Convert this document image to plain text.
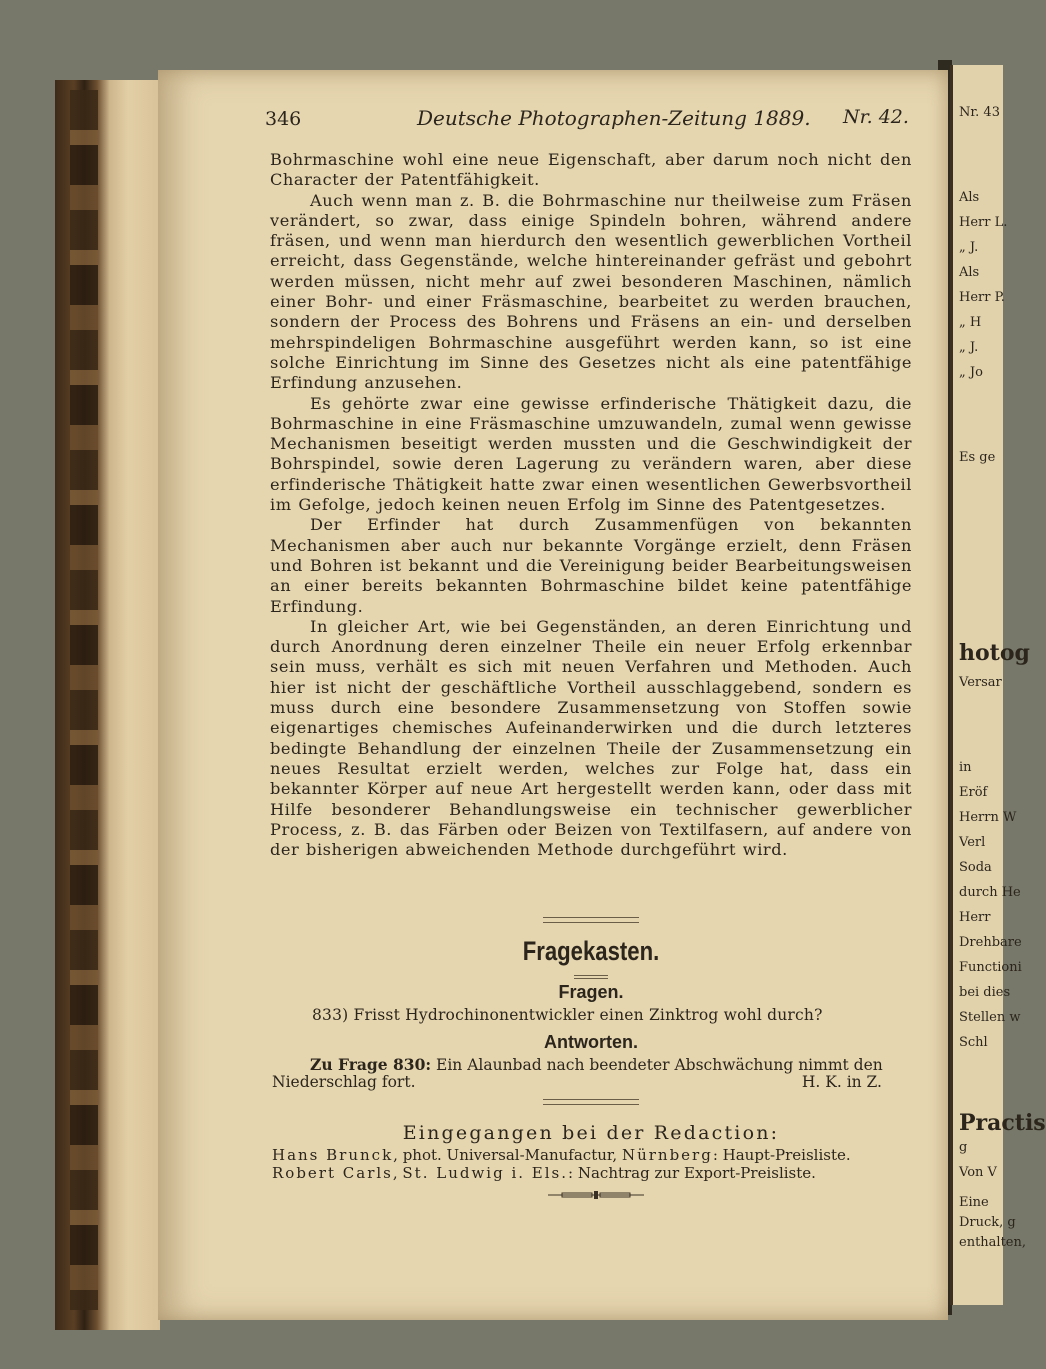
Nr. 43
Als
Herr L.
„ J.
Als
Herr P.
„ H
„ J.
„ Jo
Es ge
hotog
Versar
in
Eröf
Herrn W
Verl
Soda
durch He
Herr
Drehbare
Functioni
bei dies
Stellen w
Schl
Practis
g
Von V
Eine
Druck, g
enthalten,
346	Deutsche Photographen-Zeitung 1889. Nr. 42.

Bohrmaschine wohl eine neue Eigenschaft, aber darum noch nicht den Character der Patentfähigkeit.

Auch wenn man z. B. die Bohrmaschine nur theilweise zum Fräsen verändert, so zwar, dass einige Spindeln bohren, während andere fräsen, und wenn man hierdurch den wesentlich gewerblichen Vortheil erreicht, dass Gegenstände, welche hintereinander gefräst und gebohrt werden müssen, nicht mehr auf zwei besonderen Maschinen, nämlich einer Bohr- und einer Fräsmaschine, bearbeitet zu werden brauchen, sondern der Process des Bohrens und Fräsens an ein- und derselben mehrspindeligen Bohrmaschine ausgeführt werden kann, so ist eine solche Einrichtung im Sinne des Gesetzes nicht als eine patentfähige Erfindung anzusehen.

Es gehörte zwar eine gewisse erfinderische Thätigkeit dazu, die Bohrmaschine in eine Fräsmaschine umzuwandeln, zumal wenn gewisse Mechanismen beseitigt werden mussten und die Geschwindigkeit der Bohrspindel, sowie deren Lagerung zu verändern waren, aber diese erfinderische Thätigkeit hatte zwar einen wesentlichen Gewerbsvortheil im Gefolge, jedoch keinen neuen Erfolg im Sinne des Patentgesetzes.

Der Erfinder hat durch Zusammenfügen von bekannten Mechanismen aber auch nur bekannte Vorgänge erzielt, denn Fräsen und Bohren ist bekannt und die Vereinigung beider Bearbeitungsweisen an einer bereits bekannten Bohrmaschine bildet keine patentfähige Erfindung.

In gleicher Art, wie bei Gegenständen, an deren Einrichtung und durch Anordnung deren einzelner Theile ein neuer Erfolg erkennbar sein muss, verhält es sich mit neuen Verfahren und Methoden. Auch hier ist nicht der geschäftliche Vortheil ausschlaggebend, sondern es muss durch eine besondere Zusammensetzung von Stoffen sowie eigenartiges chemisches Aufeinanderwirken und die durch letzteres bedingte Behandlung der einzelnen Theile der Zusammensetzung ein neues Resultat erzielt werden, welches zur Folge hat, dass ein bekannter Körper auf neue Art hergestellt werden kann, oder dass mit Hilfe besonderer Behandlungsweise ein technischer gewerblicher Process, z. B. das Färben oder Beizen von Textilfasern, auf andere von der bisherigen abweichenden Methode durchgeführt wird.

Fragekasten.
Fragen.
833) Frisst Hydrochinonentwickler einen Zinktrog wohl durch?
Antworten.
Zu Frage 830: Ein Alaunbad nach beendeter Abschwächung nimmt den
Niederschlag fort.	H. K. in Z.
Eingegangen bei der Redaction:
Hans Brunck, phot. Universal-Manufactur, Nürnberg: Haupt-Preisliste.
Robert Carls, St. Ludwig i. Els.: Nachtrag zur Export-Preisliste.
